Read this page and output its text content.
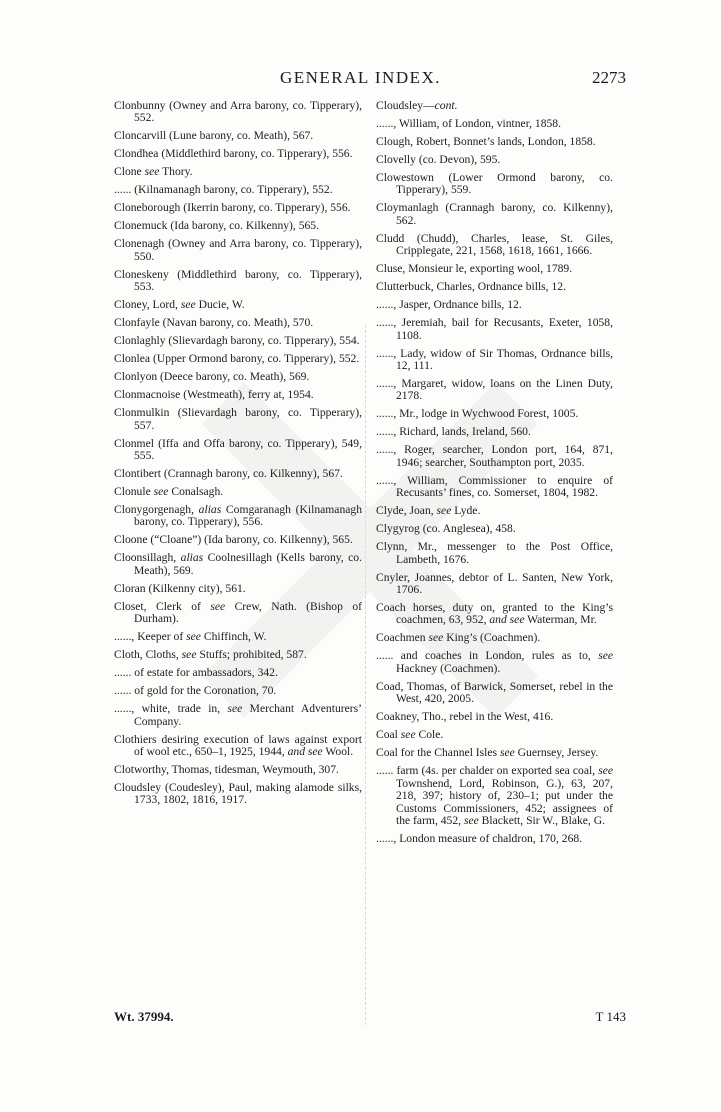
GENERAL INDEX.	2273
Clonbunny (Owney and Arra barony, co. Tipperary), 552.
Cloncarvill (Lune barony, co. Meath), 567.
Clondhea (Middlethird barony, co. Tipperary), 556.
Clone see Thory.
...... (Kilnamanagh barony, co. Tipperary), 552.
Cloneborough (Ikerrin barony, co. Tipperary), 556.
Clonemuck (Ida barony, co. Kilkenny), 565.
Clonenagh (Owney and Arra barony, co. Tipperary), 550.
Cloneskeny (Middlethird barony, co. Tipperary), 553.
Cloney, Lord, see Ducie, W.
Clonfayle (Navan barony, co. Meath), 570.
Clonlaghly (Slievardagh barony, co. Tipperary), 554.
Clonlea (Upper Ormond barony, co. Tipperary), 552.
Clonlyon (Deece barony, co. Meath), 569.
Clonmacnoise (Westmeath), ferry at, 1954.
Clonmulkin (Slievardagh barony, co. Tipperary), 557.
Clonmel (Iffa and Offa barony, co. Tipperary), 549, 555.
Clontibert (Crannagh barony, co. Kilkenny), 567.
Clonule see Conalsagh.
Clonygorgenagh, alias Comgaranagh (Kilnamanagh barony, co. Tipperary), 556.
Cloone (“Cloane”) (Ida barony, co. Kilkenny), 565.
Cloonsillagh, alias Coolnesillagh (Kells barony, co. Meath), 569.
Cloran (Kilkenny city), 561.
Closet, Clerk of see Crew, Nath. (Bishop of Durham).
......, Keeper of see Chiffinch, W.
Cloth, Cloths, see Stuffs; prohibited, 587.
...... of estate for ambassadors, 342.
...... of gold for the Coronation, 70.
......, white, trade in, see Merchant Adventurers’ Company.
Clothiers desiring execution of laws against export of wool etc., 650–1, 1925, 1944, and see Wool.
Clotworthy, Thomas, tidesman, Weymouth, 307.
Cloudsley (Coudesley), Paul, making alamode silks, 1733, 1802, 1816, 1917.
Cloudsley—cont.
......, William, of London, vintner, 1858.
Clough, Robert, Bonnet’s lands, London, 1858.
Clovelly (co. Devon), 595.
Clowestown (Lower Ormond barony, co. Tipperary), 559.
Cloymanlagh (Crannagh barony, co. Kilkenny), 562.
Cludd (Chudd), Charles, lease, St. Giles, Cripplegate, 221, 1568, 1618, 1661, 1666.
Cluse, Monsieur le, exporting wool, 1789.
Clutterbuck, Charles, Ordnance bills, 12.
......, Jasper, Ordnance bills, 12.
......, Jeremiah, bail for Recusants, Exeter, 1058, 1108.
......, Lady, widow of Sir Thomas, Ordnance bills, 12, 111.
......, Margaret, widow, loans on the Linen Duty, 2178.
......, Mr., lodge in Wychwood Forest, 1005.
......, Richard, lands, Ireland, 560.
......, Roger, searcher, London port, 164, 871, 1946; searcher, Southampton port, 2035.
......, William, Commissioner to enquire of Recusants’ fines, co. Somerset, 1804, 1982.
Clyde, Joan, see Lyde.
Clygyrog (co. Anglesea), 458.
Clynn, Mr., messenger to the Post Office, Lambeth, 1676.
Cnyler, Joannes, debtor of L. Santen, New York, 1706.
Coach horses, duty on, granted to the King’s coachmen, 63, 952, and see Waterman, Mr.
Coachmen see King’s (Coachmen).
...... and coaches in London, rules as to, see Hackney (Coachmen).
Coad, Thomas, of Barwick, Somerset, rebel in the West, 420, 2005.
Coakney, Tho., rebel in the West, 416.
Coal see Cole.
Coal for the Channel Isles see Guernsey, Jersey.
...... farm (4s. per chalder on exported sea coal, see Townshend, Lord, Robinson, G.), 63, 207, 218, 397; history of, 230–1; put under the Customs Commissioners, 452; assignees of the farm, 452, see Blackett, Sir W., Blake, G.
......, London measure of chaldron, 170, 268.
Wt. 37994.	T 143
